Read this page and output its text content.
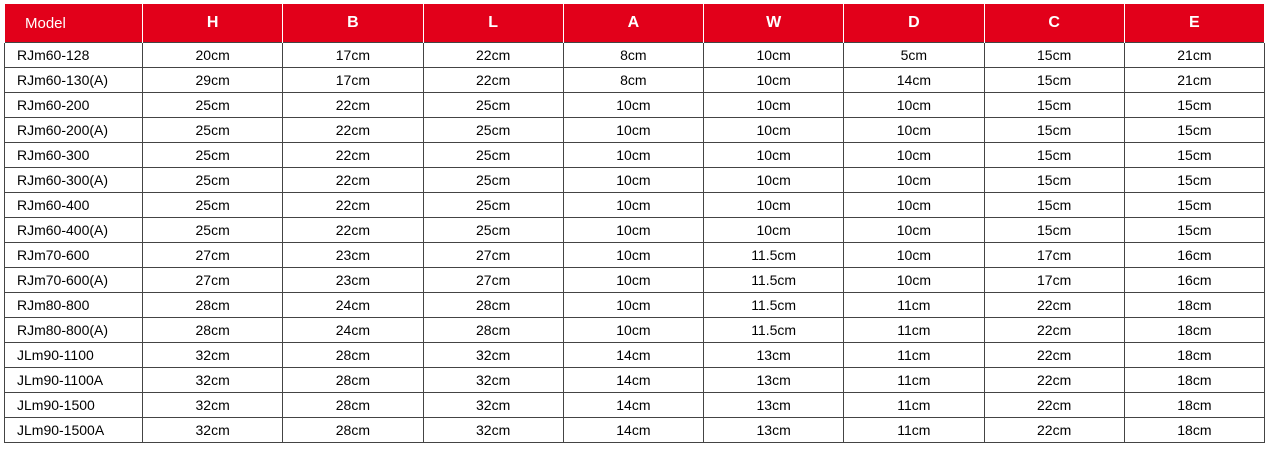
Model	H	B	L	A	W	D	C	E
RJm60-128	20cm	17cm	22cm	8cm	10cm	5cm	15cm	21cm
RJm60-130(A)	29cm	17cm	22cm	8cm	10cm	14cm	15cm	21cm
RJm60-200	25cm	22cm	25cm	10cm	10cm	10cm	15cm	15cm
RJm60-200(A)	25cm	22cm	25cm	10cm	10cm	10cm	15cm	15cm
RJm60-300	25cm	22cm	25cm	10cm	10cm	10cm	15cm	15cm
RJm60-300(A)	25cm	22cm	25cm	10cm	10cm	10cm	15cm	15cm
RJm60-400	25cm	22cm	25cm	10cm	10cm	10cm	15cm	15cm
RJm60-400(A)	25cm	22cm	25cm	10cm	10cm	10cm	15cm	15cm
RJm70-600	27cm	23cm	27cm	10cm	11.5cm	10cm	17cm	16cm
RJm70-600(A)	27cm	23cm	27cm	10cm	11.5cm	10cm	17cm	16cm
RJm80-800	28cm	24cm	28cm	10cm	11.5cm	11cm	22cm	18cm
RJm80-800(A)	28cm	24cm	28cm	10cm	11.5cm	11cm	22cm	18cm
JLm90-1100	32cm	28cm	32cm	14cm	13cm	11cm	22cm	18cm
JLm90-1100A	32cm	28cm	32cm	14cm	13cm	11cm	22cm	18cm
JLm90-1500	32cm	28cm	32cm	14cm	13cm	11cm	22cm	18cm
JLm90-1500A	32cm	28cm	32cm	14cm	13cm	11cm	22cm	18cm
